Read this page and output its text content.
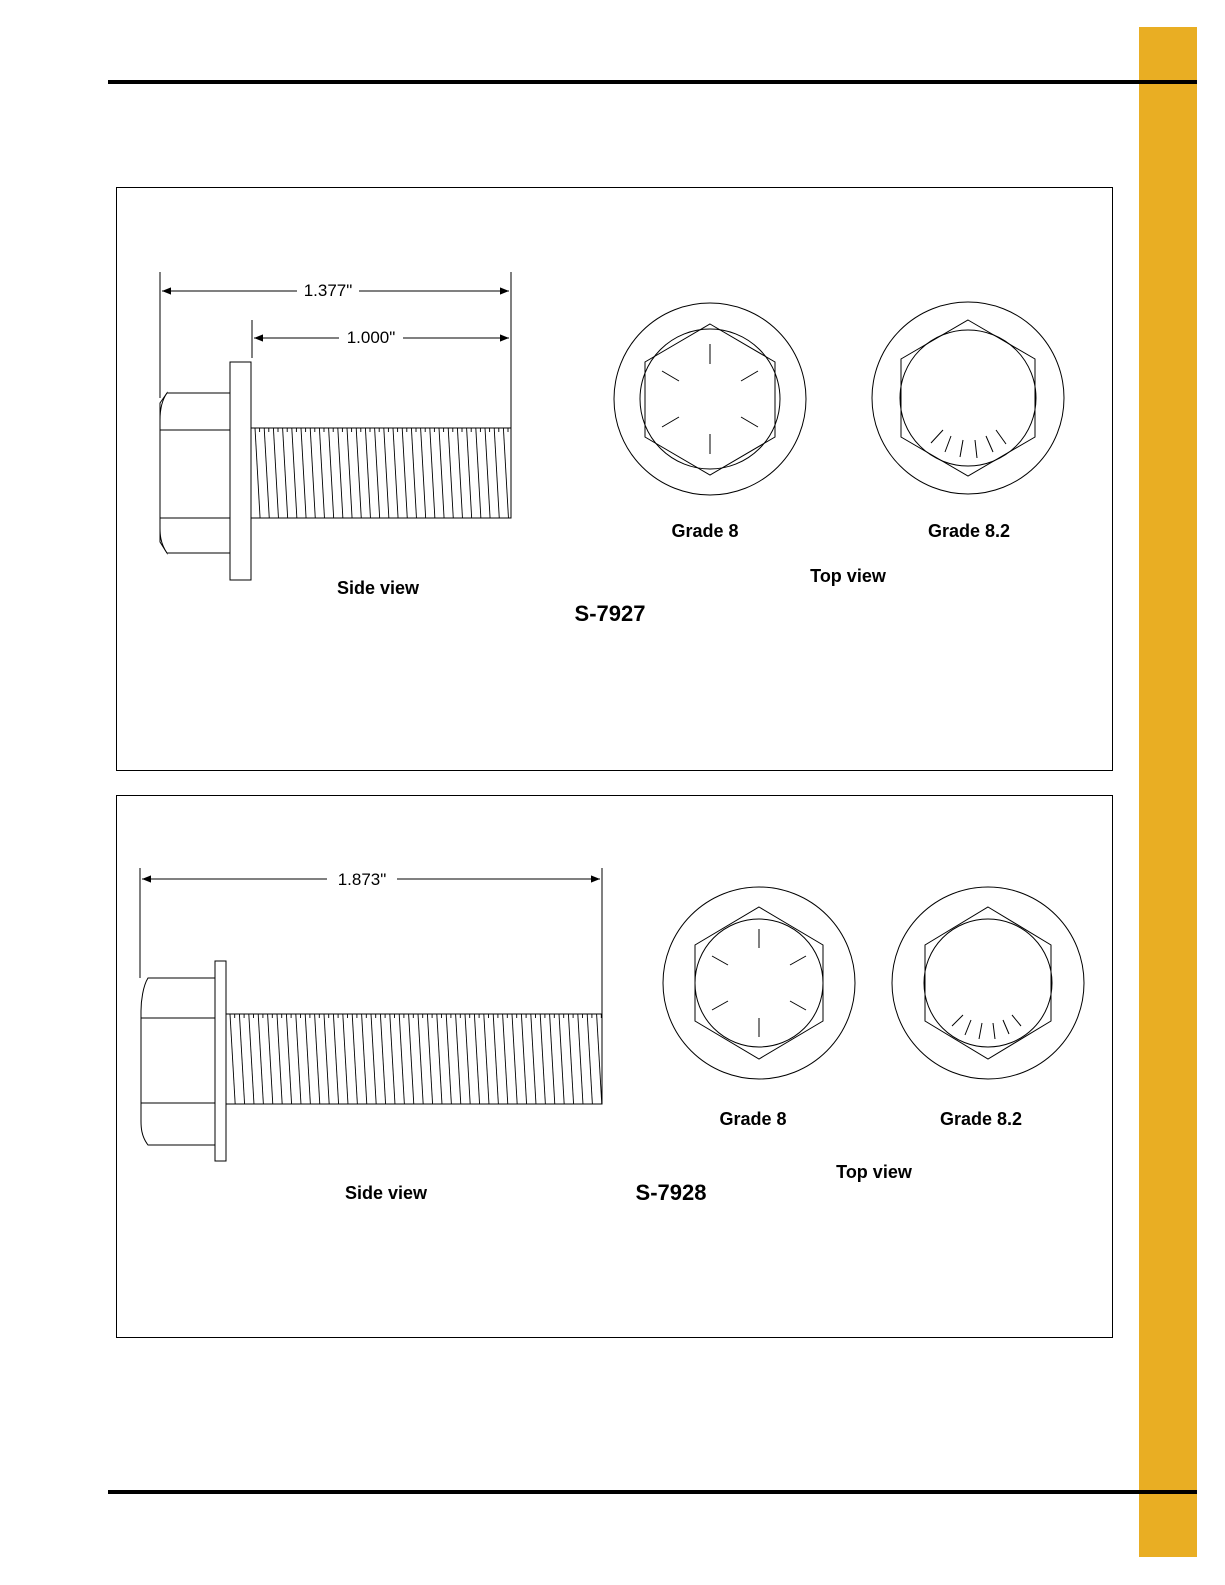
1.377"
1.000"
Grade 8	Grade 8.2
Top view
Side view
S-7927
1.873"
Grade 8	Grade 8.2
Top view
Side view	S-7928
